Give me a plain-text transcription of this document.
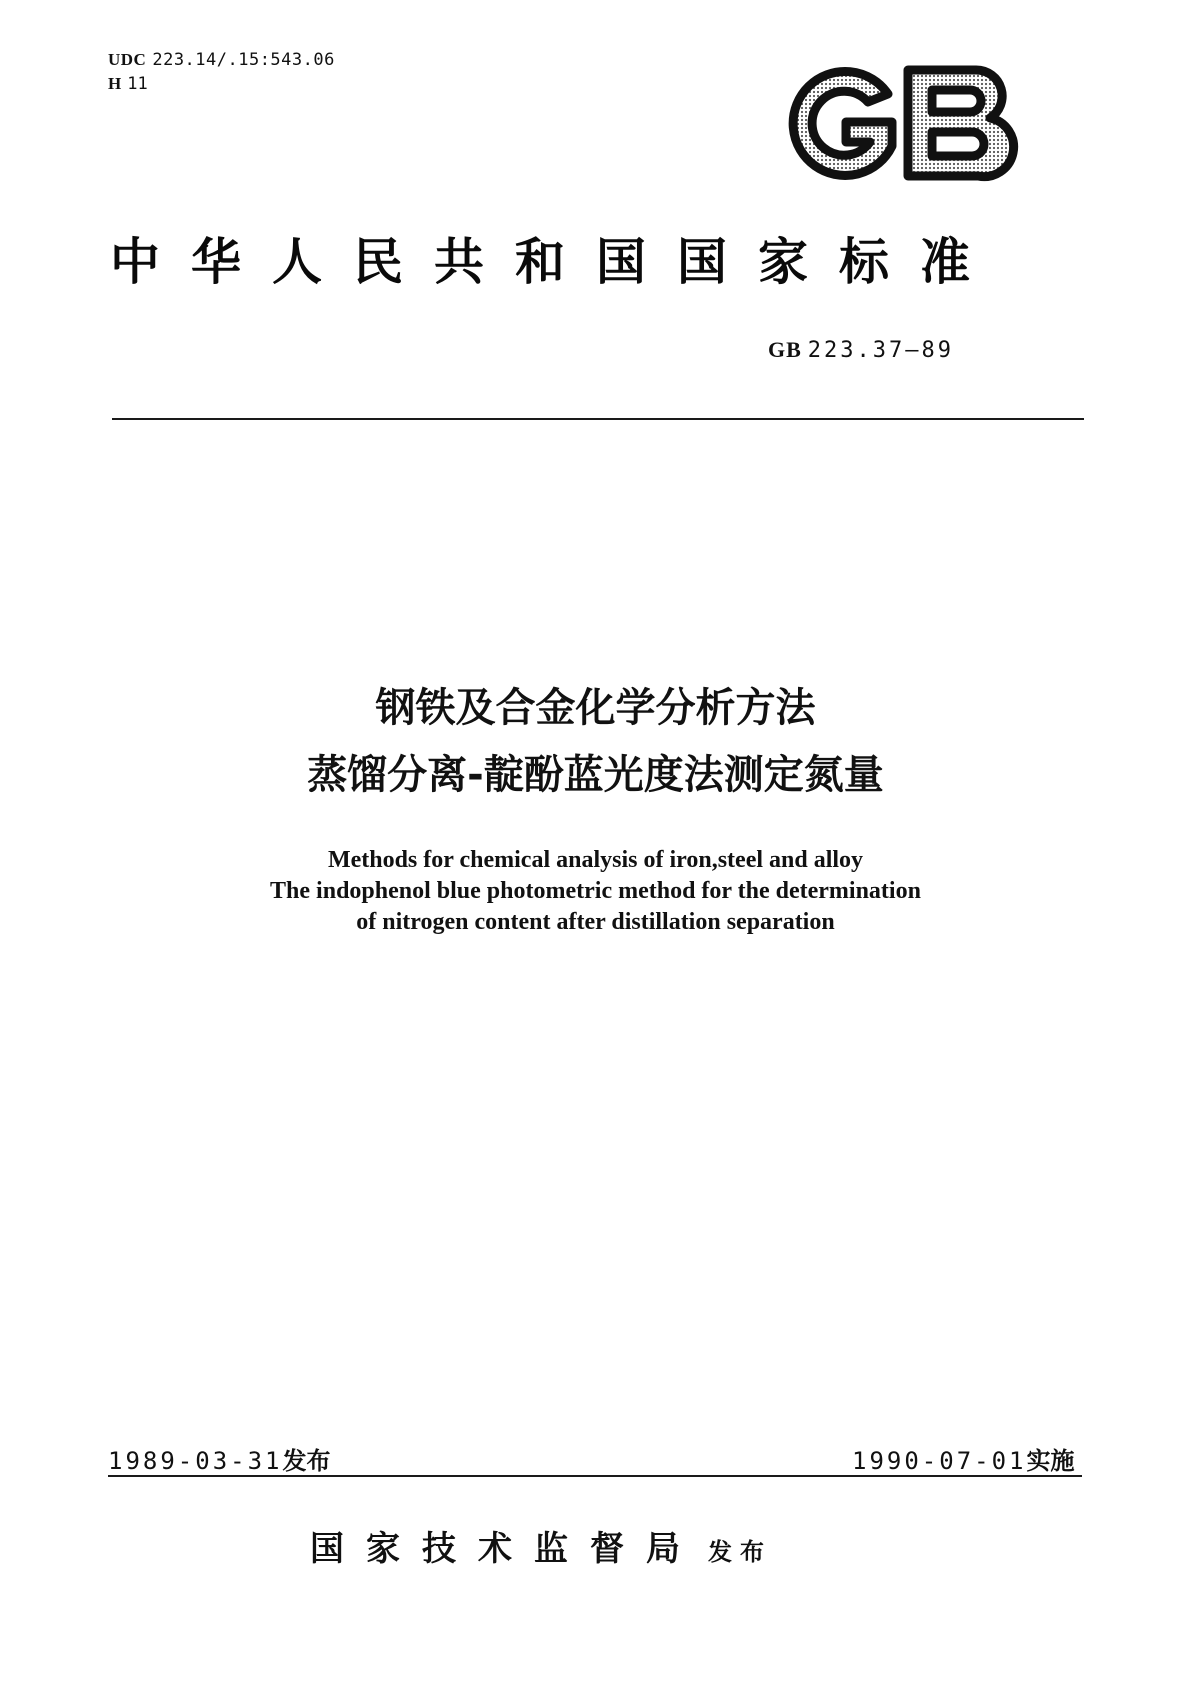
UDC 223.14/.15:543.06
H 11
中华人民共和国国家标准
GB 223.37—89
钢铁及合金化学分析方法
蒸馏分离-靛酚蓝光度法测定氮量
Methods for chemical analysis of iron,steel and alloy
The indophenol blue photometric method for the determination
of nitrogen content after distillation separation
1989-03-31发布	1990-07-01实施
国家技术监督局 发布
